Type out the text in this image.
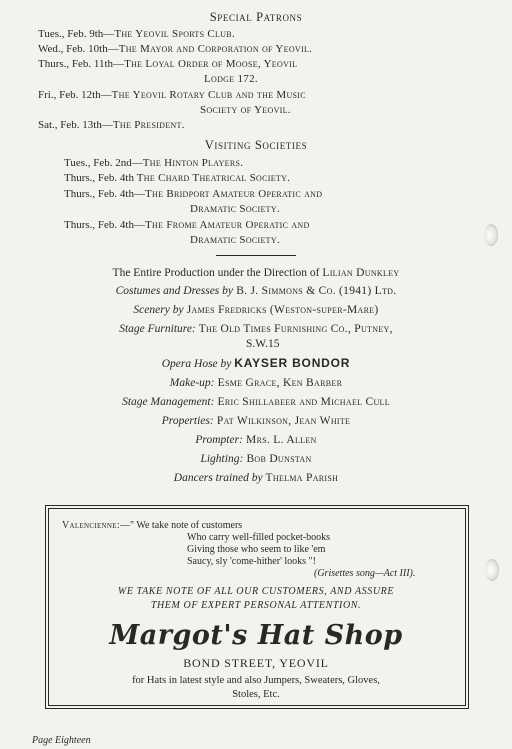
Special Patrons
Tues., Feb. 9th—The Yeovil Sports Club.
Wed., Feb. 10th—The Mayor and Corporation of Yeovil.
Thurs., Feb. 11th—The Loyal Order of Moose, Yeovil
Lodge 172.
Fri., Feb. 12th—The Yeovil Rotary Club and the Music
Society of Yeovil.
Sat., Feb. 13th—The President.
Visiting Societies
Tues., Feb. 2nd—The Hinton Players.
Thurs., Feb. 4th The Chard Theatrical Society.
Thurs., Feb. 4th—The Bridport Amateur Operatic and
Dramatic Society.
Thurs., Feb. 4th—The Frome Amateur Operatic and
Dramatic Society.
The Entire Production under the Direction of Lilian Dunkley
Costumes and Dresses by B. J. Simmons & Co. (1941) Ltd.
Scenery by James Fredricks (Weston-super-Mare)
Stage Furniture: The Old Times Furnishing Co., Putney,
S.W.15
Opera Hose by KAYSER BONDOR
Make-up: Esme Grace, Ken Barber
Stage Management: Eric Shillabeer and Michael Cull
Properties: Pat Wilkinson, Jean White
Prompter: Mrs. L. Allen
Lighting: Bob Dunstan
Dancers trained by Thelma Parish
Valencienne:—" We take note of customers
Who carry well-filled pocket-books
Giving those who seem to like 'em
Saucy, sly 'come-hither' looks "!
(Grisettes song—Act III).
WE TAKE NOTE OF ALL OUR CUSTOMERS, AND ASSURE
THEM OF EXPERT PERSONAL ATTENTION.
Margot's Hat Shop
BOND STREET, YEOVIL
for Hats in latest style and also Jumpers, Sweaters, Gloves,
Stoles, Etc.
Page Eighteen
